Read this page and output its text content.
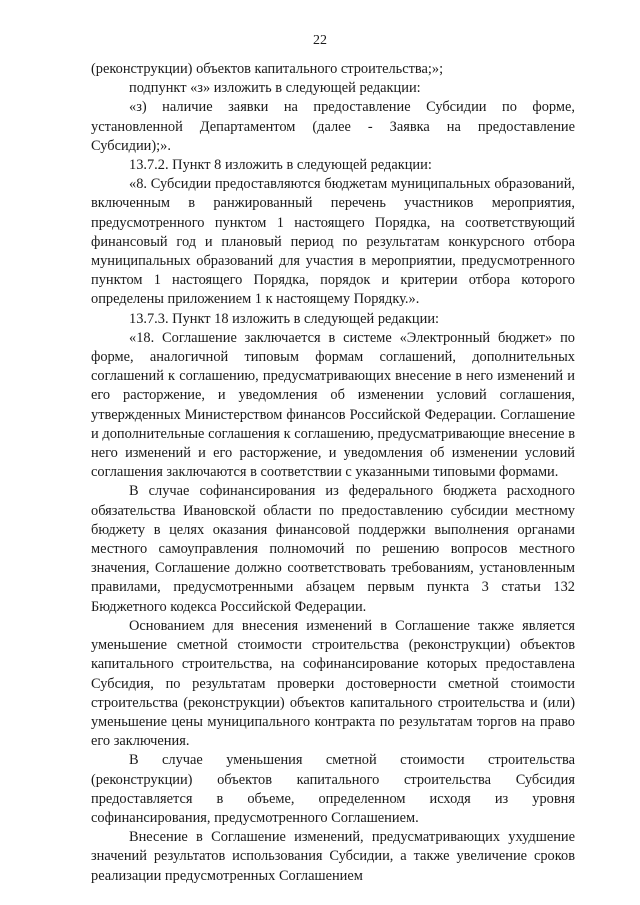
22

(реконструкции) объектов капитального строительства;»;

подпункт «з» изложить в следующей редакции:

«з) наличие заявки на предоставление Субсидии по форме, установленной Департаментом (далее - Заявка на предоставление Субсидии);».

13.7.2. Пункт 8 изложить в следующей редакции:

«8. Субсидии предоставляются бюджетам муниципальных образований, включенным в ранжированный перечень участников мероприятия, предусмотренного пунктом 1 настоящего Порядка, на соответствующий финансовый год и плановый период по результатам конкурсного отбора муниципальных образований для участия в мероприятии, предусмотренного пунктом 1 настоящего Порядка, порядок и критерии отбора которого определены приложением 1 к настоящему Порядку.».

13.7.3. Пункт 18 изложить в следующей редакции:

«18. Соглашение заключается в системе «Электронный бюджет» по форме, аналогичной типовым формам соглашений, дополнительных соглашений к соглашению, предусматривающих внесение в него изменений и его расторжение, и уведомления об изменении условий соглашения, утвержденных Министерством финансов Российской Федерации. Соглашение и дополнительные соглашения к соглашению, предусматривающие внесение в него изменений и его расторжение, и уведомления об изменении условий соглашения заключаются в соответствии с указанными типовыми формами.

В случае софинансирования из федерального бюджета расходного обязательства Ивановской области по предоставлению субсидии местному бюджету в целях оказания финансовой поддержки выполнения органами местного самоуправления полномочий по решению вопросов местного значения, Соглашение должно соответствовать требованиям, установленным правилами, предусмотренными абзацем первым пункта 3 статьи 132 Бюджетного кодекса Российской Федерации.

Основанием для внесения изменений в Соглашение также является уменьшение сметной стоимости строительства (реконструкции) объектов капитального строительства, на софинансирование которых предоставлена Субсидия, по результатам проверки достоверности сметной стоимости строительства (реконструкции) объектов капитального строительства и (или) уменьшение цены муниципального контракта по результатам торгов на право его заключения.

В случае уменьшения сметной стоимости строительства (реконструкции) объектов капитального строительства Субсидия предоставляется в объеме, определенном исходя из уровня софинансирования, предусмотренного Соглашением.

Внесение в Соглашение изменений, предусматривающих ухудшение значений результатов использования Субсидии, а также увеличение сроков реализации предусмотренных Соглашением
